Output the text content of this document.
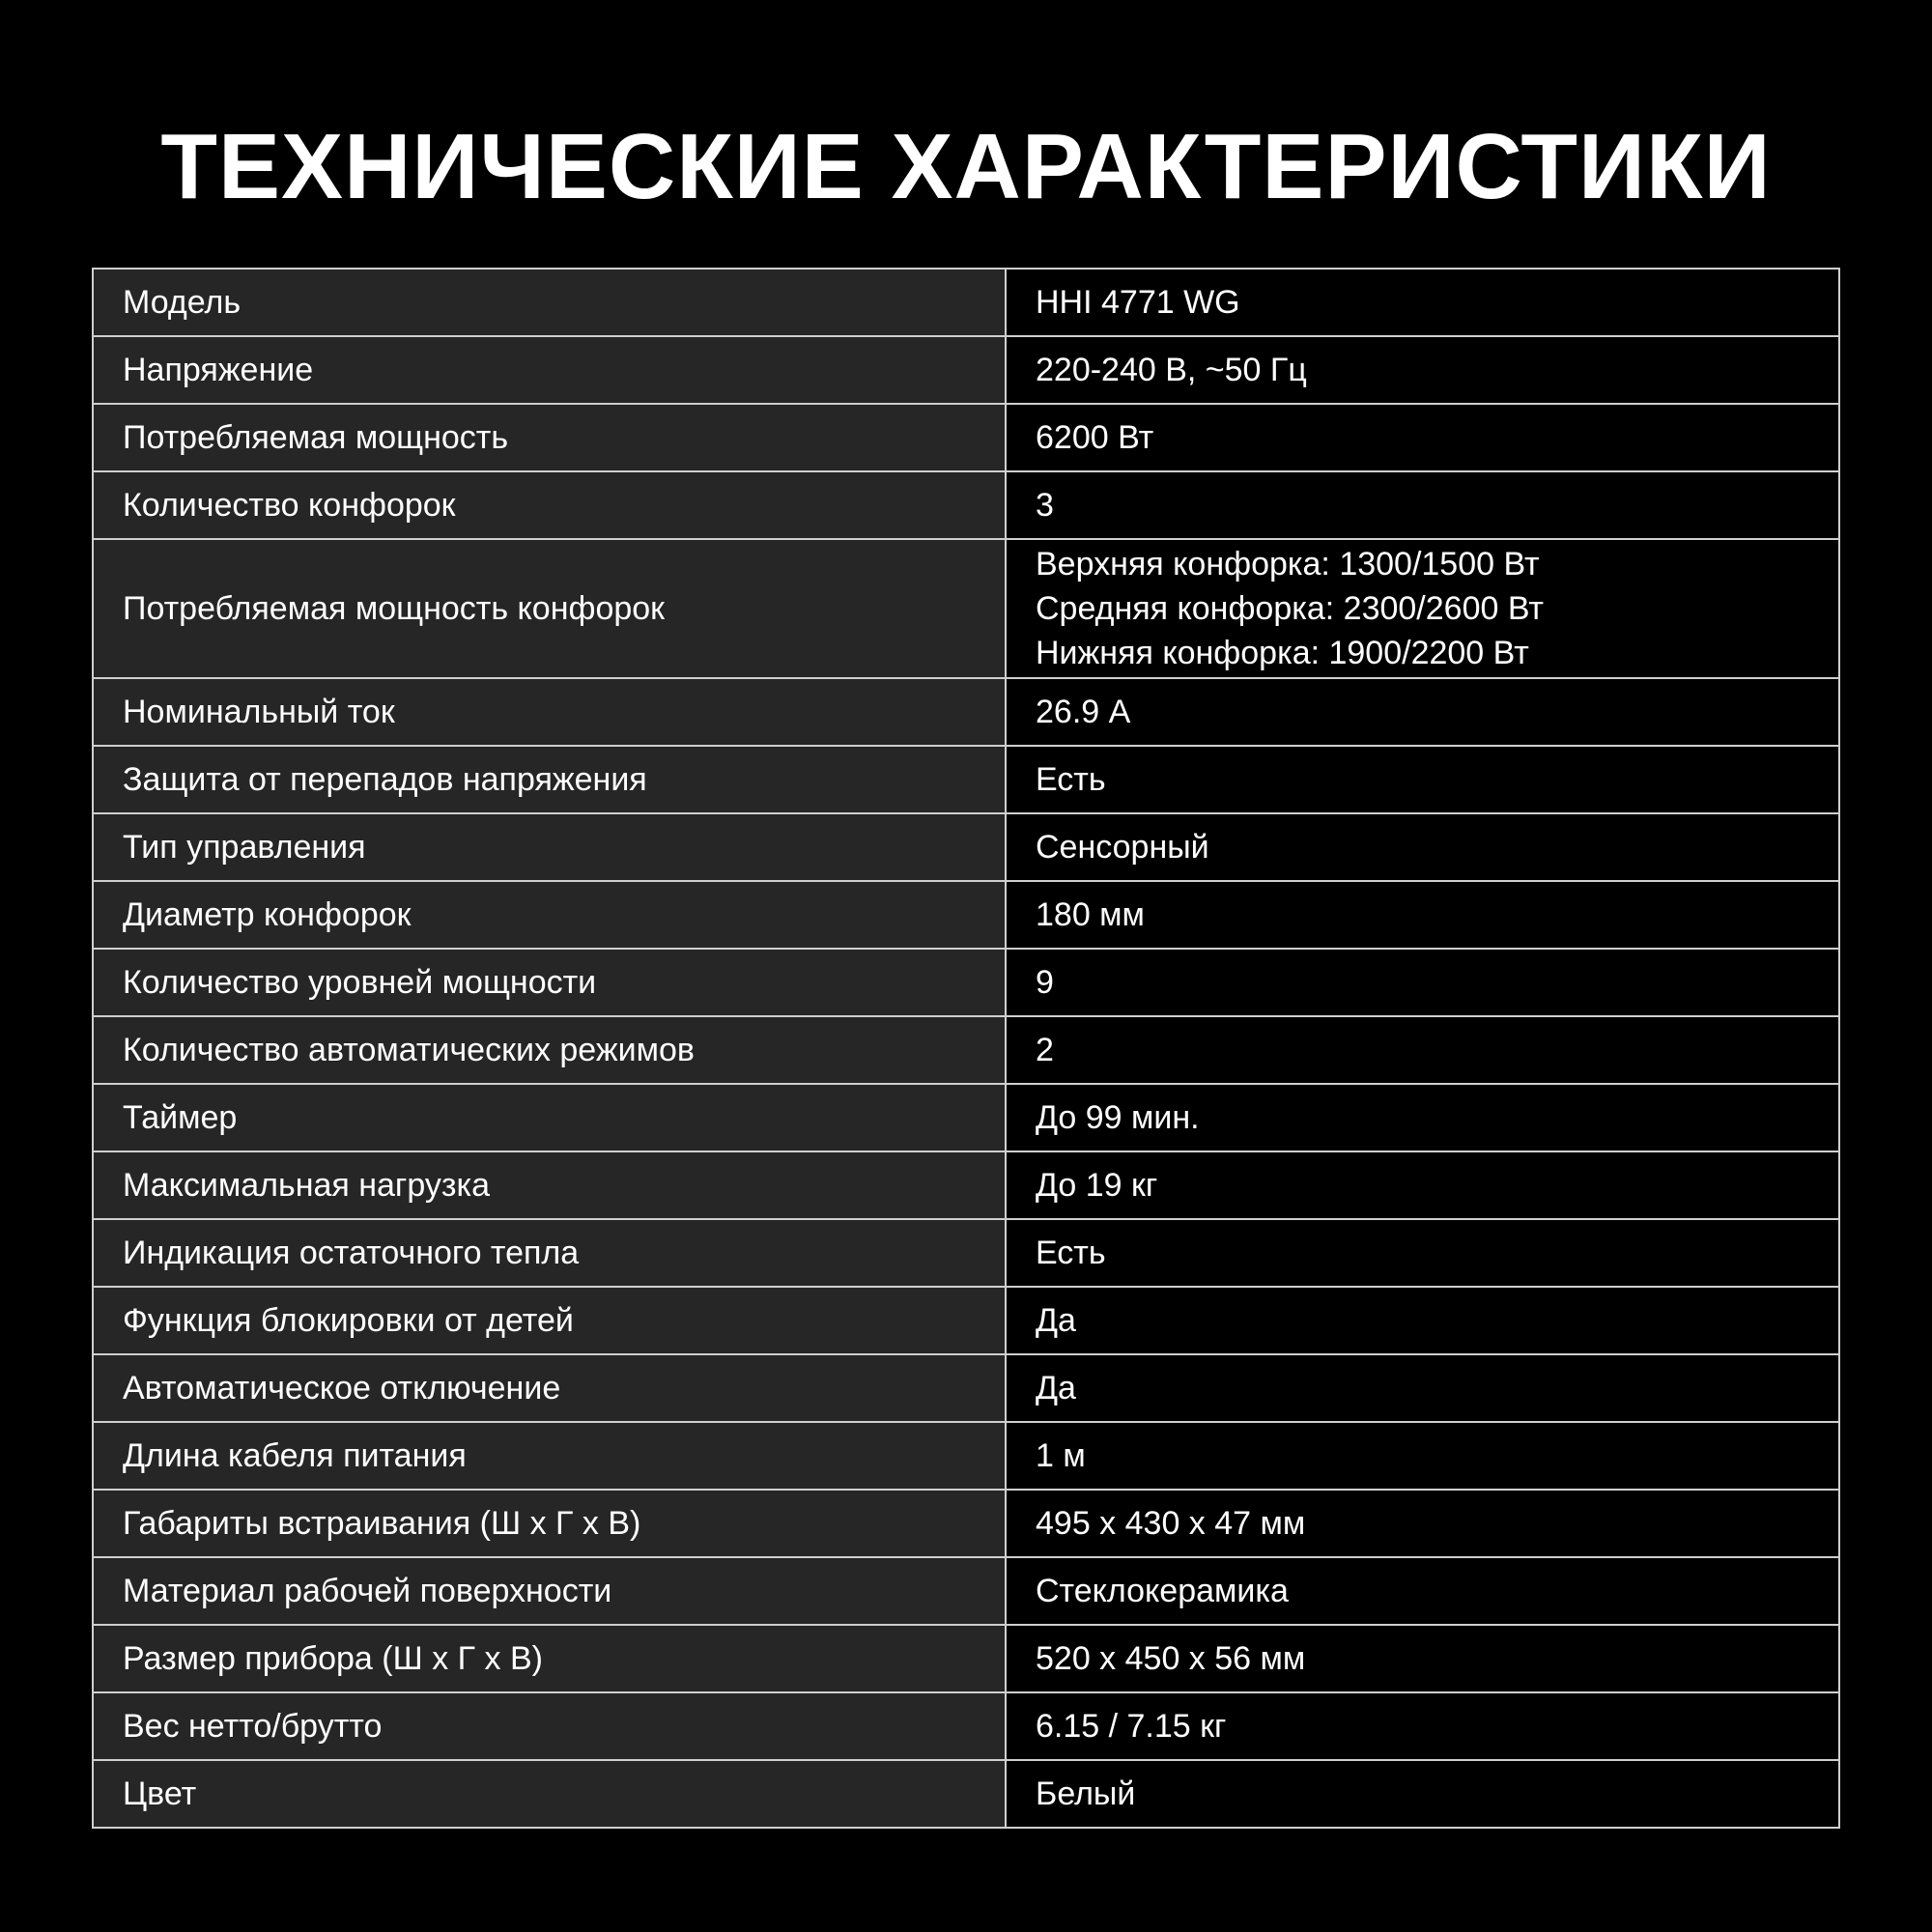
ТЕХНИЧЕСКИЕ ХАРАКТЕРИСТИКИ
Модель	HHI 4771 WG
Напряжение	220-240 В, ~50 Гц
Потребляемая мощность	6200 Вт
Количество конфорок	3
Потребляемая мощность конфорок	Верхняя конфорка: 1300/1500 Вт
Средняя конфорка: 2300/2600 Вт
Нижняя конфорка: 1900/2200 Вт

Номинальный ток	26.9 А
Защита от перепадов напряжения	Есть
Тип управления	Сенсорный
Диаметр конфорок	180 мм
Количество уровней мощности	9
Количество автоматических режимов	2
Таймер	До 99 мин.
Максимальная нагрузка	До 19 кг
Индикация остаточного тепла	Есть
Функция блокировки от детей	Да
Автоматическое отключение	Да
Длина кабеля питания	1 м
Габариты встраивания (Ш х Г х В)	495 х 430 х 47 мм
Материал рабочей поверхности	Стеклокерамика
Размер прибора (Ш х Г х В)	520 х 450 х 56 мм
Вес нетто/брутто	6.15 / 7.15 кг
Цвет	Белый
